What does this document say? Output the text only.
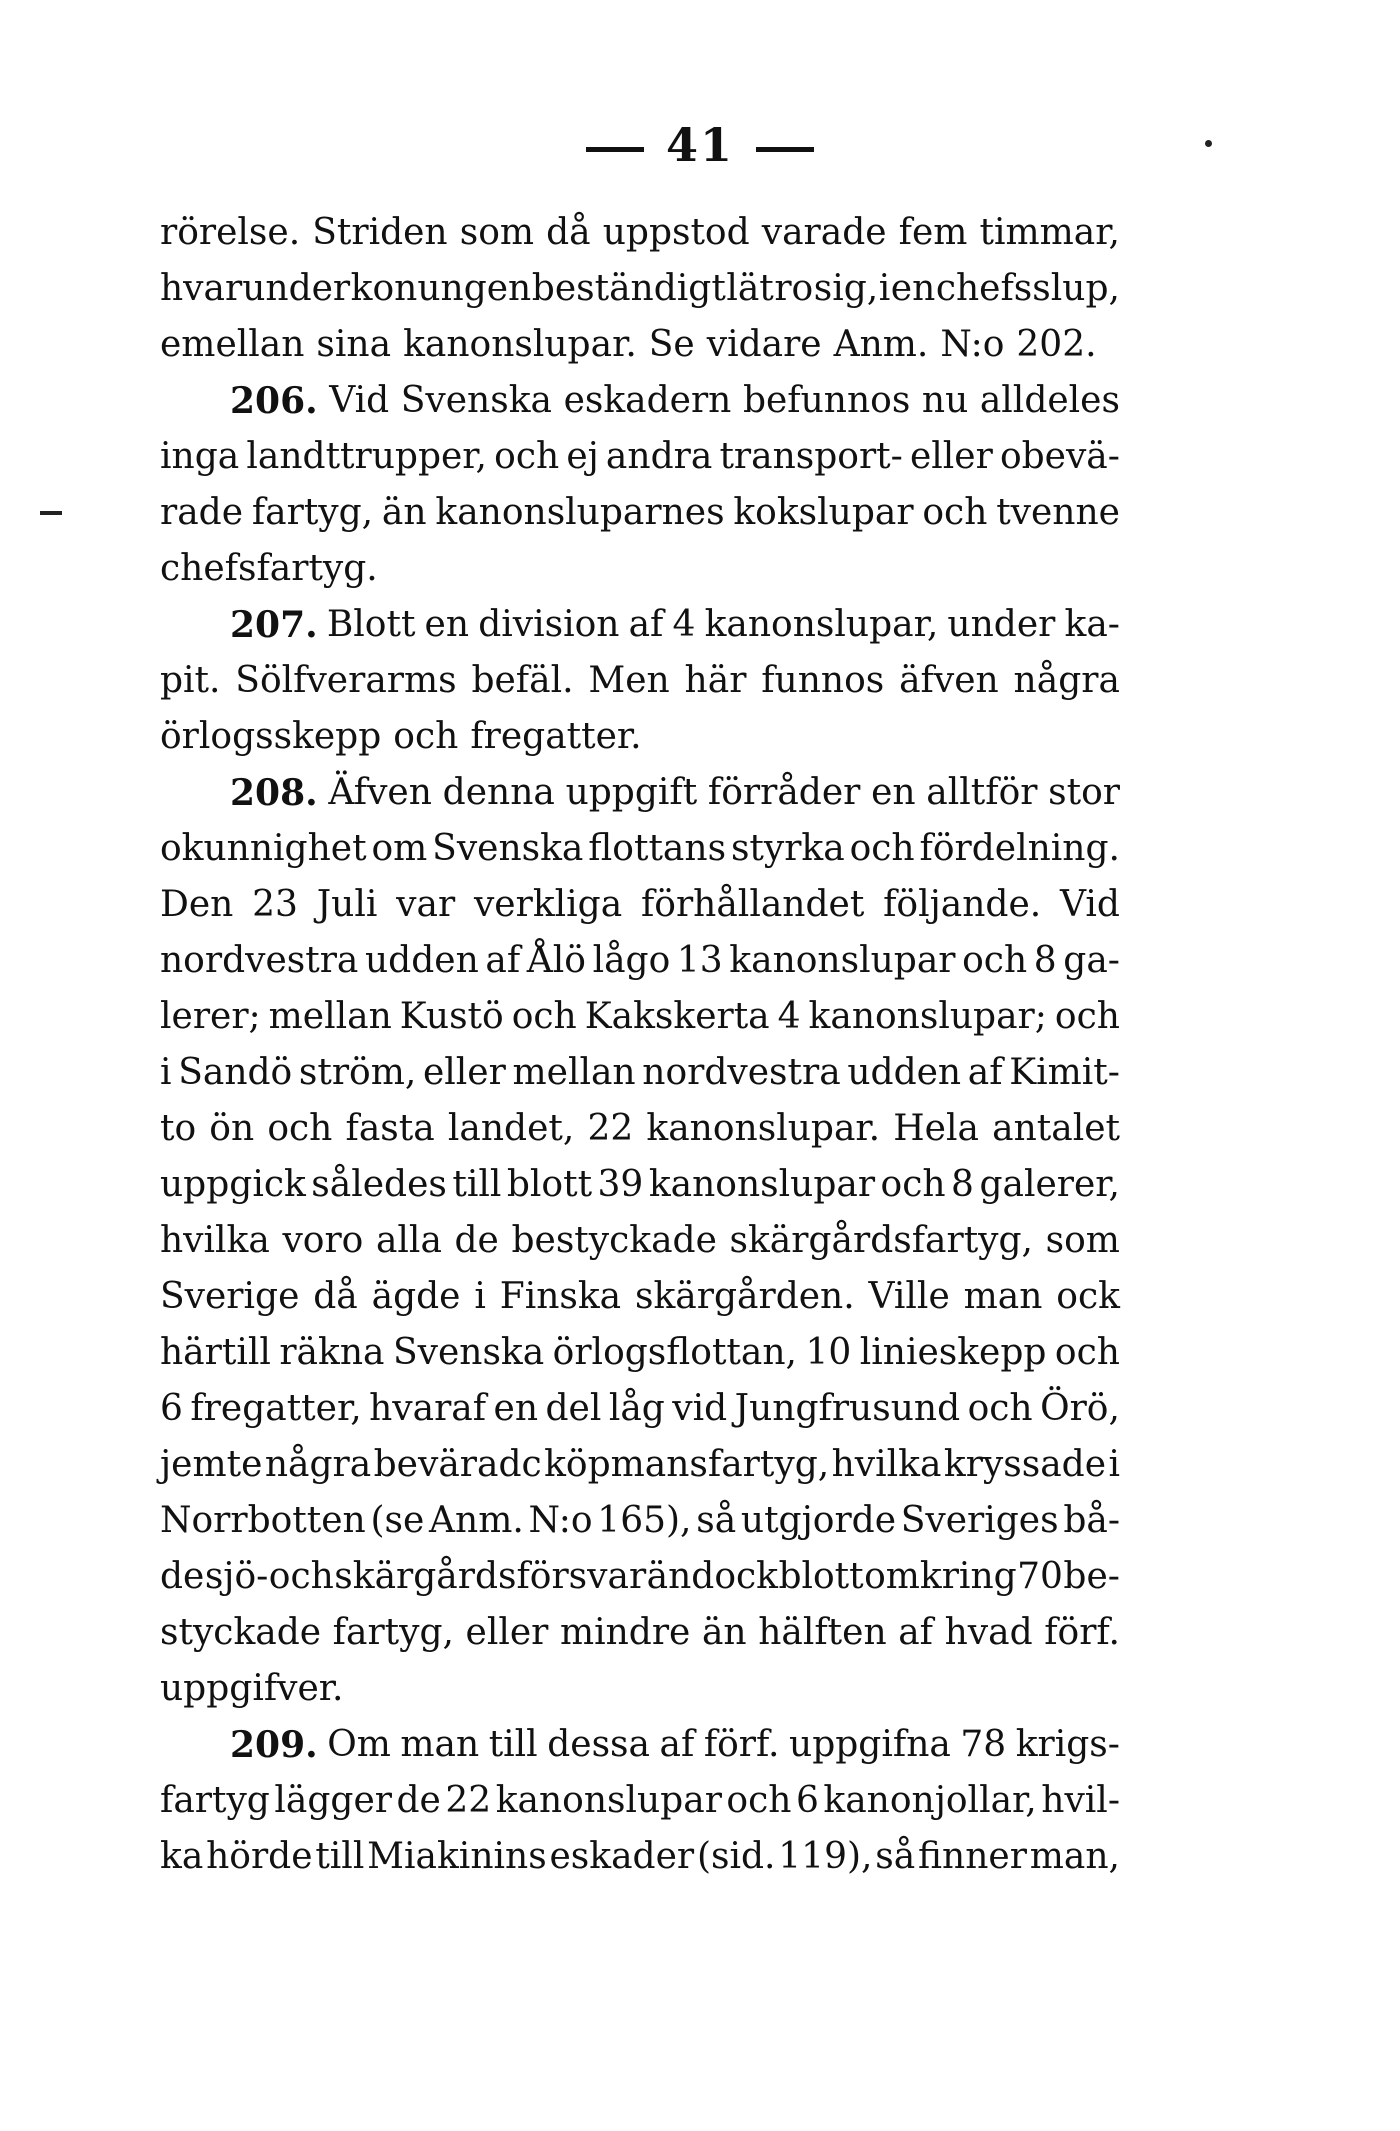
41
rörelse. Striden som då uppstod varade fem timmar,
hvarunder konungen beständigt lät ro sig, i en chefsslup,
emellan sina kanonslupar. Se vidare Anm. N:o 202.
206. Vid Svenska eskadern befunnos nu alldeles
inga landttrupper, och ej andra transport- eller obevä-
rade fartyg, än kanonsluparnes kokslupar och tvenne
chefsfartyg.
207. Blott en division af 4 kanonslupar, under ka-
pit. Sölfverarms befäl. Men här funnos äfven några
örlogsskepp och fregatter.
208. Äfven denna uppgift förråder en alltför stor
okunnighet om Svenska flottans styrka och fördelning.
Den 23 Juli var verkliga förhållandet följande. Vid
nordvestra udden af Ålö lågo 13 kanonslupar och 8 ga-
lerer; mellan Kustö och Kakskerta 4 kanonslupar; och
i Sandö ström, eller mellan nordvestra udden af Kimit-
to ön och fasta landet, 22 kanonslupar. Hela antalet
uppgick således till blott 39 kanonslupar och 8 galerer,
hvilka voro alla de bestyckade skärgårdsfartyg, som
Sverige då ägde i Finska skärgården. Ville man ock
härtill räkna Svenska örlogsflottan, 10 linieskepp och
6 fregatter, hvaraf en del låg vid Jungfrusund och Örö,
jemte några beväradc köpmansfartyg, hvilka kryssade i
Norrbotten (se Anm. N:o 165), så utgjorde Sveriges bå-
de sjö- och skärgårdsförsvar ändock blott omkring 70 be-
styckade fartyg, eller mindre än hälften af hvad förf.
uppgifver.
209. Om man till dessa af förf. uppgifna 78 krigs-
fartyg lägger de 22 kanonslupar och 6 kanonjollar, hvil-
ka hörde till Miakinins eskader (sid. 119), så finner man,
